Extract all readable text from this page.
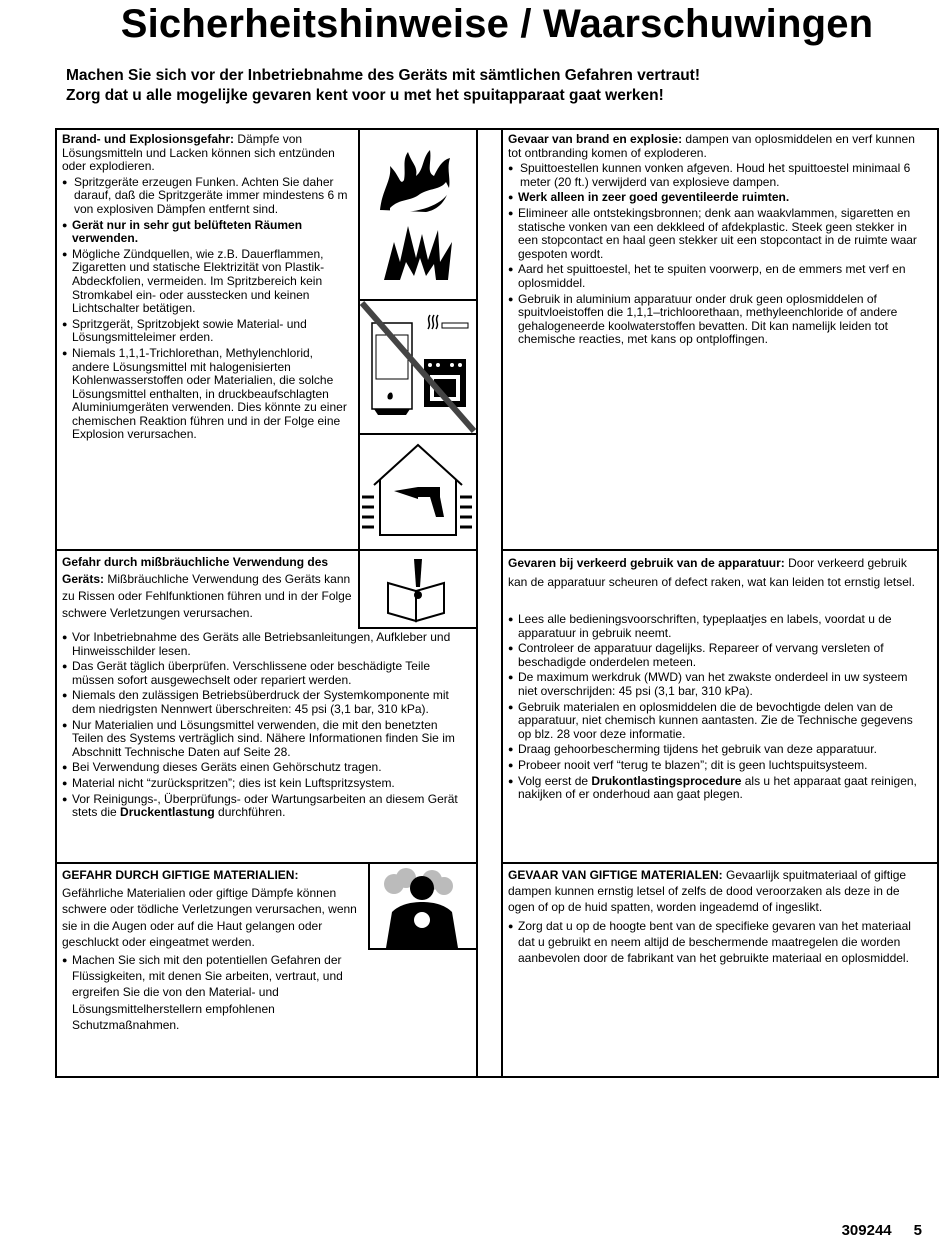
Sicherheitshinweise / Waarschuwingen
Machen Sie sich vor der Inbetriebnahme des Geräts mit sämtlichen Gefahren vertraut!
Zorg dat u alle mogelijke gevaren kent voor u met het spuitapparaat gaat werken!

Brand- und Explosionsgefahr: Dämpfe von Lösungsmitteln und Lacken können sich entzünden oder explodieren.

● Spritzgeräte erzeugen Funken. Achten Sie daher darauf, daß die Spritzgeräte immer mindestens 6 m von explosiven Dämpfen entfernt sind.
● Gerät nur in sehr gut belüfteten Räumen verwenden.
● Mögliche Zündquellen, wie z.B. Dauerflammen, Zigaretten und statische Elektrizität von Plastik-Abdeckfolien, vermeiden. Im Spritzbereich kein Stromkabel ein- oder ausstecken und keinen Lichtschalter betätigen.
● Spritzgerät, Spritzobjekt sowie Material- und Lösungsmitteleimer erden.
● Niemals 1,1,1-Trichlorethan, Methylenchlorid, andere Lösungsmittel mit halogenisierten Kohlenwasserstoffen oder Materialien, die solche Lösungsmittel enthalten, in druckbeaufschlagten Aluminiumgeräten verwenden. Dies könnte zu einer chemischen Reaktion führen und in der Folge eine Explosion verursachen.

Gevaar van brand en explosie: dampen van oplosmiddelen en verf kunnen tot ontbranding komen of exploderen.

● Spuittoestellen kunnen vonken afgeven. Houd het spuittoestel minimaal 6 meter (20 ft.) verwijderd van explosieve dampen.
● Werk alleen in zeer goed geventileerde ruimten.
● Elimineer alle ontstekingsbronnen; denk aan waakvlammen, sigaretten en statische vonken van een dekkleed of afdekplastic. Steek geen stekker in een stopcontact en haal geen stekker uit een stopcontact in de ruimte waar gespoten wordt.
● Aard het spuittoestel, het te spuiten voorwerp, en de emmers met verf en oplosmiddel.
● Gebruik in aluminium apparatuur onder druk geen oplosmiddelen of spuitvloeistoffen die 1,1,1–trichloorethaan, methyleenchloride of andere gehalogeneerde koolwaterstoffen bevatten. Dit kan namelijk leiden tot chemische reacties, met kans op ontploffingen.

Gefahr durch mißbräuchliche Verwendung des Geräts: Mißbräuchliche Verwendung des Geräts kann zu Rissen oder Fehlfunktionen führen und in der Folge schwere Verletzungen verursachen.

● Vor Inbetriebnahme des Geräts alle Betriebsanleitungen, Aufkleber und Hinweisschilder lesen.
● Das Gerät täglich überprüfen. Verschlissene oder beschädigte Teile müssen sofort ausgewechselt oder repariert werden.
● Niemals den zulässigen Betriebsüberdruck der Systemkomponente mit dem niedrigsten Nennwert überschreiten: 45 psi (3,1 bar, 310 kPa).
● Nur Materialien und Lösungsmittel verwenden, die mit den benetzten Teilen des Systems verträglich sind. Nähere Informationen finden Sie im Abschnitt Technische Daten auf Seite 28.
● Bei Verwendung dieses Geräts einen Gehörschutz tragen.
● Material nicht “zurückspritzen”; dies ist kein Luftspritzsystem.
● Vor Reinigungs-, Überprüfungs- oder Wartungsarbeiten an diesem Gerät stets die Druckentlastung durchführen.

Gevaren bij verkeerd gebruik van de apparatuur: Door verkeerd gebruik kan de apparatuur scheuren of defect raken, wat kan leiden tot ernstig letsel.

● Lees alle bedieningsvoorschriften, typeplaatjes en labels, voordat u de apparatuur in gebruik neemt.
● Controleer de apparatuur dagelijks. Repareer of vervang versleten of beschadigde onderdelen meteen.
● De maximum werkdruk (MWD) van het zwakste onderdeel in uw systeem niet overschrijden: 45 psi (3,1 bar, 310 kPa).
● Gebruik materialen en oplosmiddelen die de bevochtigde delen van de apparatuur, niet chemisch kunnen aantasten. Zie de Technische gegevens op blz. 28 voor deze informatie.
● Draag gehoorbescherming tijdens het gebruik van deze apparatuur.
● Probeer nooit verf “terug te blazen”; dit is geen luchtspuitsysteem.
● Volg eerst de Drukontlastingsprocedure als u het apparaat gaat reinigen, nakijken of er onderhoud aan gaat plegen.

GEFAHR DURCH GIFTIGE MATERIALIEN:

Gefährliche Materialien oder giftige Dämpfe können schwere oder tödliche Verletzungen verursachen, wenn sie in die Augen oder auf die Haut gelangen oder geschluckt oder eingeatmet werden.

● Machen Sie sich mit den potentiellen Gefahren der Flüssigkeiten, mit denen Sie arbeiten, vertraut, und ergreifen Sie die von den Material- und Lösungsmittelherstellern empfohlenen Schutzmaßnahmen.

GEVAAR VAN GIFTIGE MATERIALEN: Gevaarlijk spuitmateriaal of giftige dampen kunnen ernstig letsel of zelfs de dood veroorzaken als deze in de ogen of op de huid spatten, worden ingeademd of ingeslikt.

● Zorg dat u op de hoogte bent van de specifieke gevaren van het materiaal dat u gebruikt en neem altijd de beschermende maatregelen die worden aanbevolen door de fabrikant van het gebruikte materiaal en oplosmiddel.
309244 5
